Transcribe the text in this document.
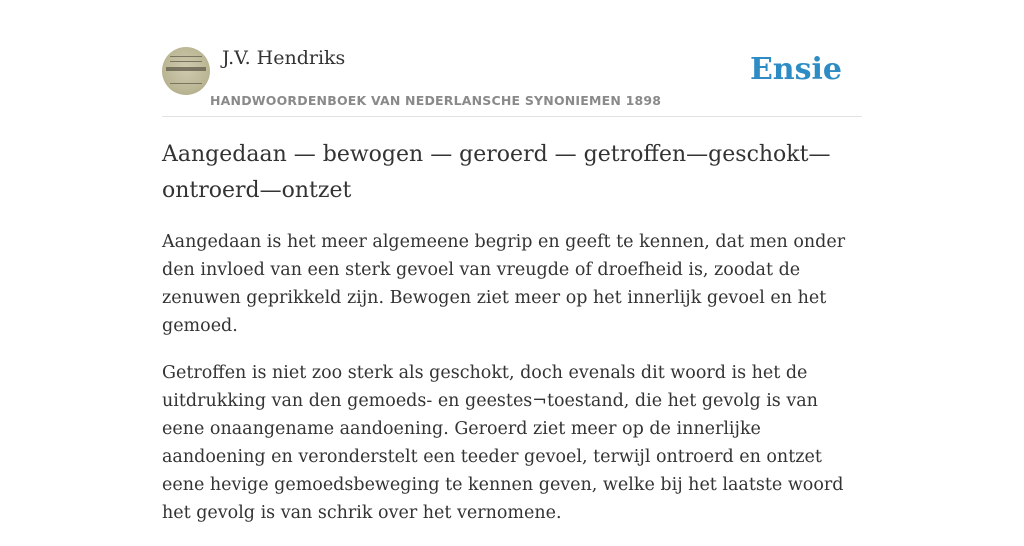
J.V. Hendriks
HANDWOORDENBOEK VAN NEDERLANSCHE SYNONIEMEN 1898
Ensie
Aangedaan — bewogen — geroerd — getroffen—geschokt—ontroerd—ontzet

Aangedaan is het meer algemeene begrip en geeft te kennen, dat men onder den invloed van een sterk gevoel van vreugde of droefheid is, zoodat de zenuwen geprikkeld zijn. Bewogen ziet meer op het innerlijk gevoel en het gemoed.

Getroffen is niet zoo sterk als geschokt, doch evenals dit woord is het de uitdrukking van den gemoeds- en geestes¬toestand, die het gevolg is van eene onaangename aandoening. Geroerd ziet meer op de innerlijke aandoening en veronderstelt een teeder gevoel, terwijl ontroerd en ontzet eene hevige gemoedsbeweging te kennen geven, welke bij het laatste woord het gevolg is van schrik over het vernomene.
